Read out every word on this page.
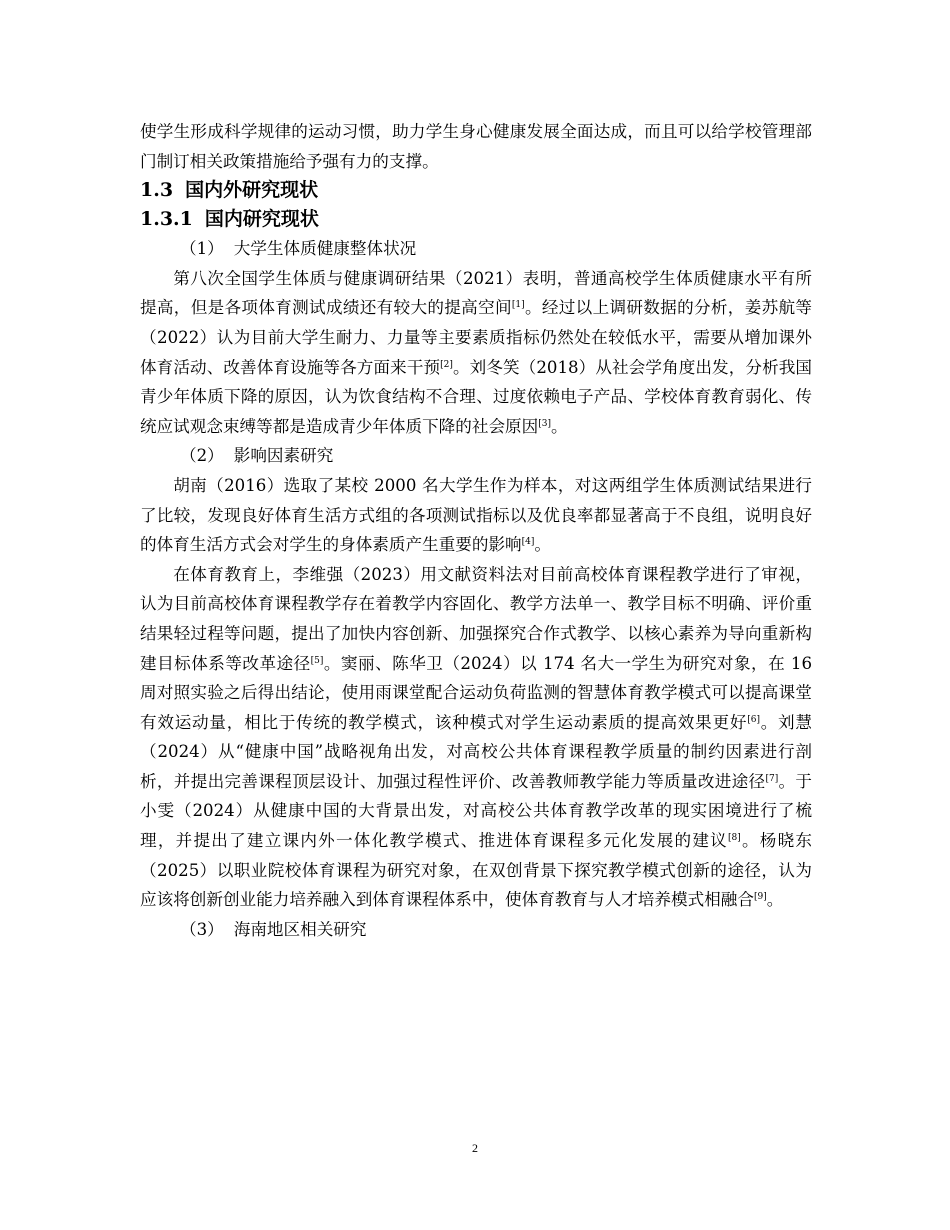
使学生形成科学规律的运动习惯，助力学生身心健康发展全面达成，而且可以给学校管理部门制订相关政策措施给予强有力的支撑。

1.3 国内外研究现状
1.3.1 国内研究现状

（1） 大学生体质健康整体状况

第八次全国学生体质与健康调研结果（2021）表明，普通高校学生体质健康水平有所提高，但是各项体育测试成绩还有较大的提高空间[1]。经过以上调研数据的分析，姜苏航等（2022）认为目前大学生耐力、力量等主要素质指标仍然处在较低水平，需要从增加课外体育活动、改善体育设施等各方面来干预[2]。刘冬笑（2018）从社会学角度出发，分析我国青少年体质下降的原因，认为饮食结构不合理、过度依赖电子产品、学校体育教育弱化、传统应试观念束缚等都是造成青少年体质下降的社会原因[3]。

（2） 影响因素研究

胡南（2016）选取了某校 2000 名大学生作为样本，对这两组学生体质测试结果进行了比较，发现良好体育生活方式组的各项测试指标以及优良率都显著高于不良组，说明良好的体育生活方式会对学生的身体素质产生重要的影响[4]。

在体育教育上，李维强（2023）用文献资料法对目前高校体育课程教学进行了审视，认为目前高校体育课程教学存在着教学内容固化、教学方法单一、教学目标不明确、评价重结果轻过程等问题，提出了加快内容创新、加强探究合作式教学、以核心素养为导向重新构建目标体系等改革途径[5]。窦丽、陈华卫（2024）以 174 名大一学生为研究对象，在 16 周对照实验之后得出结论，使用雨课堂配合运动负荷监测的智慧体育教学模式可以提高课堂有效运动量，相比于传统的教学模式，该种模式对学生运动素质的提高效果更好[6]。刘慧（2024）从“健康中国”战略视角出发，对高校公共体育课程教学质量的制约因素进行剖析，并提出完善课程顶层设计、加强过程性评价、改善教师教学能力等质量改进途径[7]。于小雯（2024）从健康中国的大背景出发，对高校公共体育教学改革的现实困境进行了梳理，并提出了建立课内外一体化教学模式、推进体育课程多元化发展的建议[8]。杨晓东（2025）以职业院校体育课程为研究对象，在双创背景下探究教学模式创新的途径，认为应该将创新创业能力培养融入到体育课程体系中，使体育教育与人才培养模式相融合[9]。

（3） 海南地区相关研究

2
